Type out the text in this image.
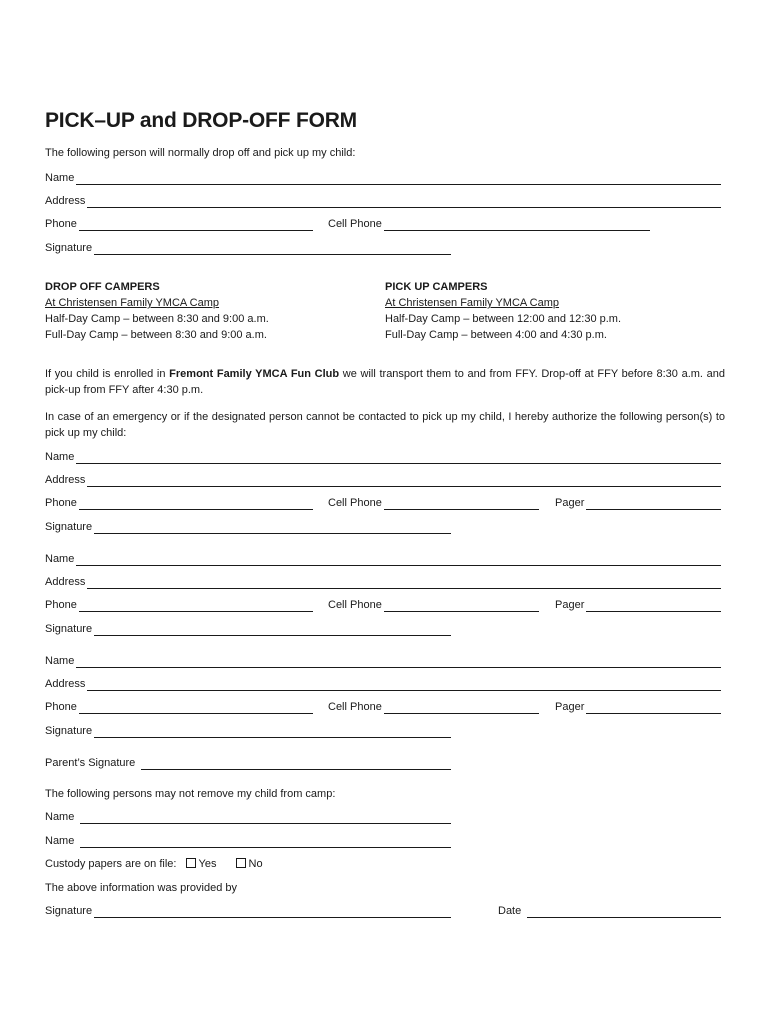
PICK–UP and DROP-OFF FORM
The following person will normally drop off and pick up my child:
Name
Address
Phone	Cell Phone
Signature
DROP OFF CAMPERS
At Christensen Family YMCA Camp
Half-Day Camp – between 8:30 and 9:00 a.m.
Full-Day Camp – between 8:30 and 9:00 a.m.
PICK UP CAMPERS
At Christensen Family YMCA Camp
Half-Day Camp – between 12:00 and 12:30 p.m.
Full-Day Camp – between 4:00 and 4:30 p.m.
If you child is enrolled in Fremont Family YMCA Fun Club we will transport them to and from FFY. Drop-off at FFY before 8:30 a.m. and pick-up from FFY after 4:30 p.m.
In case of an emergency or if the designated person cannot be contacted to pick up my child, I hereby authorize the following person(s) to pick up my child:
Name
Address
Phone	Cell Phone	Pager
Signature
Name
Address
Phone	Cell Phone	Pager
Signature
Name
Address
Phone	Cell Phone	Pager
Signature
Parent’s Signature
The following persons may not remove my child from camp:
Name
Name
Custody papers are on file: Yes	No
The above information was provided by
Signature	Date
